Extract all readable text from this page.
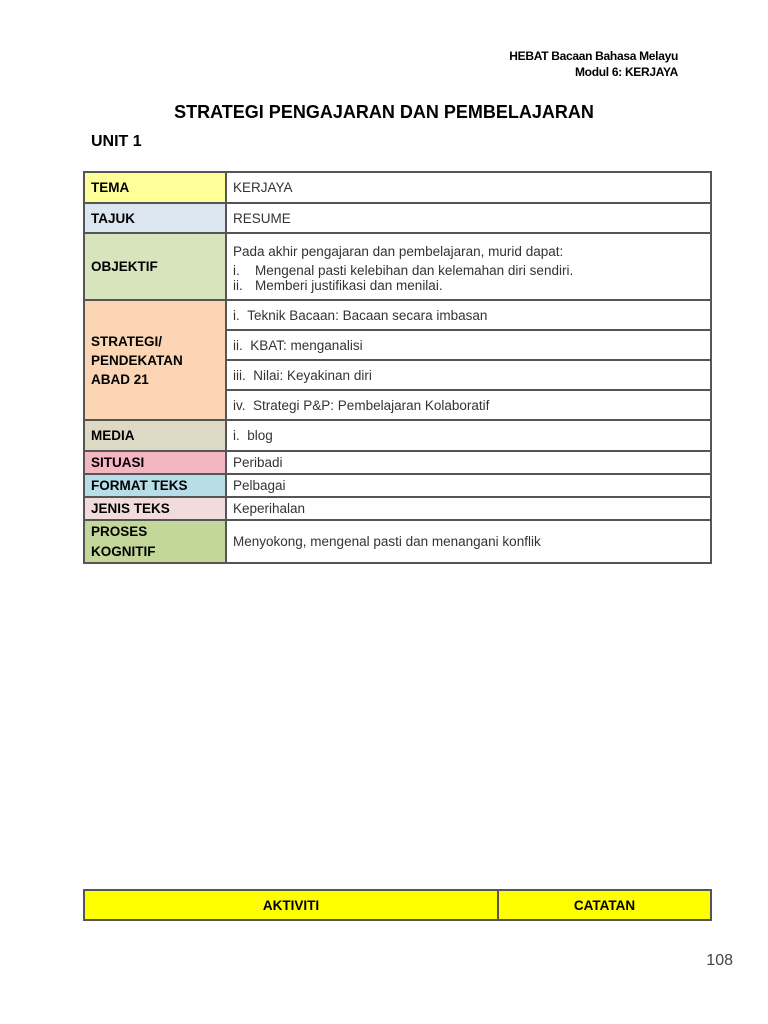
HEBAT Bacaan Bahasa Melayu
Modul 6: KERJAYA
STRATEGI PENGAJARAN DAN PEMBELAJARAN
UNIT 1
TEMA	KERJAYA
TAJUK	RESUME
OBJEKTIF	Pada akhir pengajaran dan pembelajaran, murid dapat:
i. Mengenal pasti kelebihan dan kelemahan diri sendiri.
ii. Memberi justifikasi dan menilai.

STRATEGI/ PENDEKATAN ABAD 21	i. Teknik Bacaan: Bacaan secara imbasan
	ii. KBAT: menganalisi
	iii. Nilai: Keyakinan diri
	iv. Strategi P&P: Pembelajaran Kolaboratif
MEDIA	i. blog
SITUASI	Peribadi
FORMAT TEKS	Pelbagai
JENIS TEKS	Keperihalan

PROSES KOGNITIF	Menyokong, mengenal pasti dan menangani konflik
AKTIVITI	CATATAN
108
